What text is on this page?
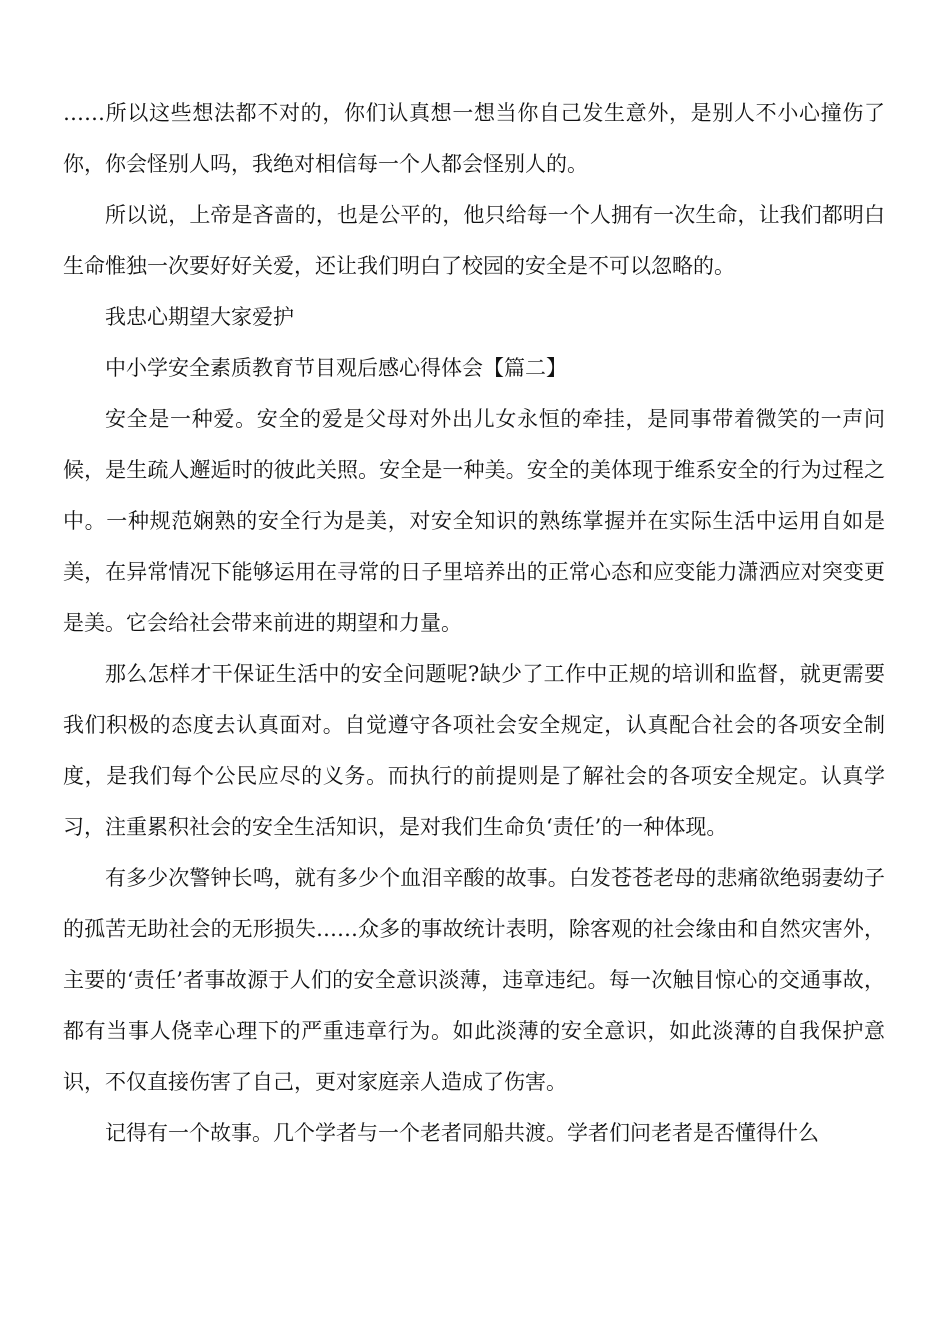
……所以这些想法都不对的，你们认真想一想当你自己发生意外，是别人不小心撞伤了你，你会怪别人吗，我绝对相信每一个人都会怪别人的。

所以说，上帝是吝啬的，也是公平的，他只给每一个人拥有一次生命，让我们都明白生命惟独一次要好好关爱，还让我们明白了校园的安全是不可以忽略的。

我忠心期望大家爱护

中小学安全素质教育节目观后感心得体会【篇二】

安全是一种爱。安全的爱是父母对外出儿女永恒的牵挂，是同事带着微笑的一声问候，是生疏人邂逅时的彼此关照。安全是一种美。安全的美体现于维系安全的行为过程之中。一种规范娴熟的安全行为是美，对安全知识的熟练掌握并在实际生活中运用自如是美，在异常情况下能够运用在寻常的日子里培养出的正常心态和应变能力潇洒应对突变更是美。它会给社会带来前进的期望和力量。

那么怎样才干保证生活中的安全问题呢?缺少了工作中正规的培训和监督，就更需要我们积极的态度去认真面对。自觉遵守各项社会安全规定，认真配合社会的各项安全制度，是我们每个公民应尽的义务。而执行的前提则是了解社会的各项安全规定。认真学习，注重累积社会的安全生活知识，是对我们生命负‘责任’的一种体现。

有多少次警钟长鸣，就有多少个血泪辛酸的故事。白发苍苍老母的悲痛欲绝弱妻幼子的孤苦无助社会的无形损失……众多的事故统计表明，除客观的社会缘由和自然灾害外，主要的‘责任’者事故源于人们的安全意识淡薄，违章违纪。每一次触目惊心的交通事故，都有当事人侥幸心理下的严重违章行为。如此淡薄的安全意识，如此淡薄的自我保护意识，不仅直接伤害了自己，更对家庭亲人造成了伤害。

记得有一个故事。几个学者与一个老者同船共渡。学者们问老者是否懂得什么
